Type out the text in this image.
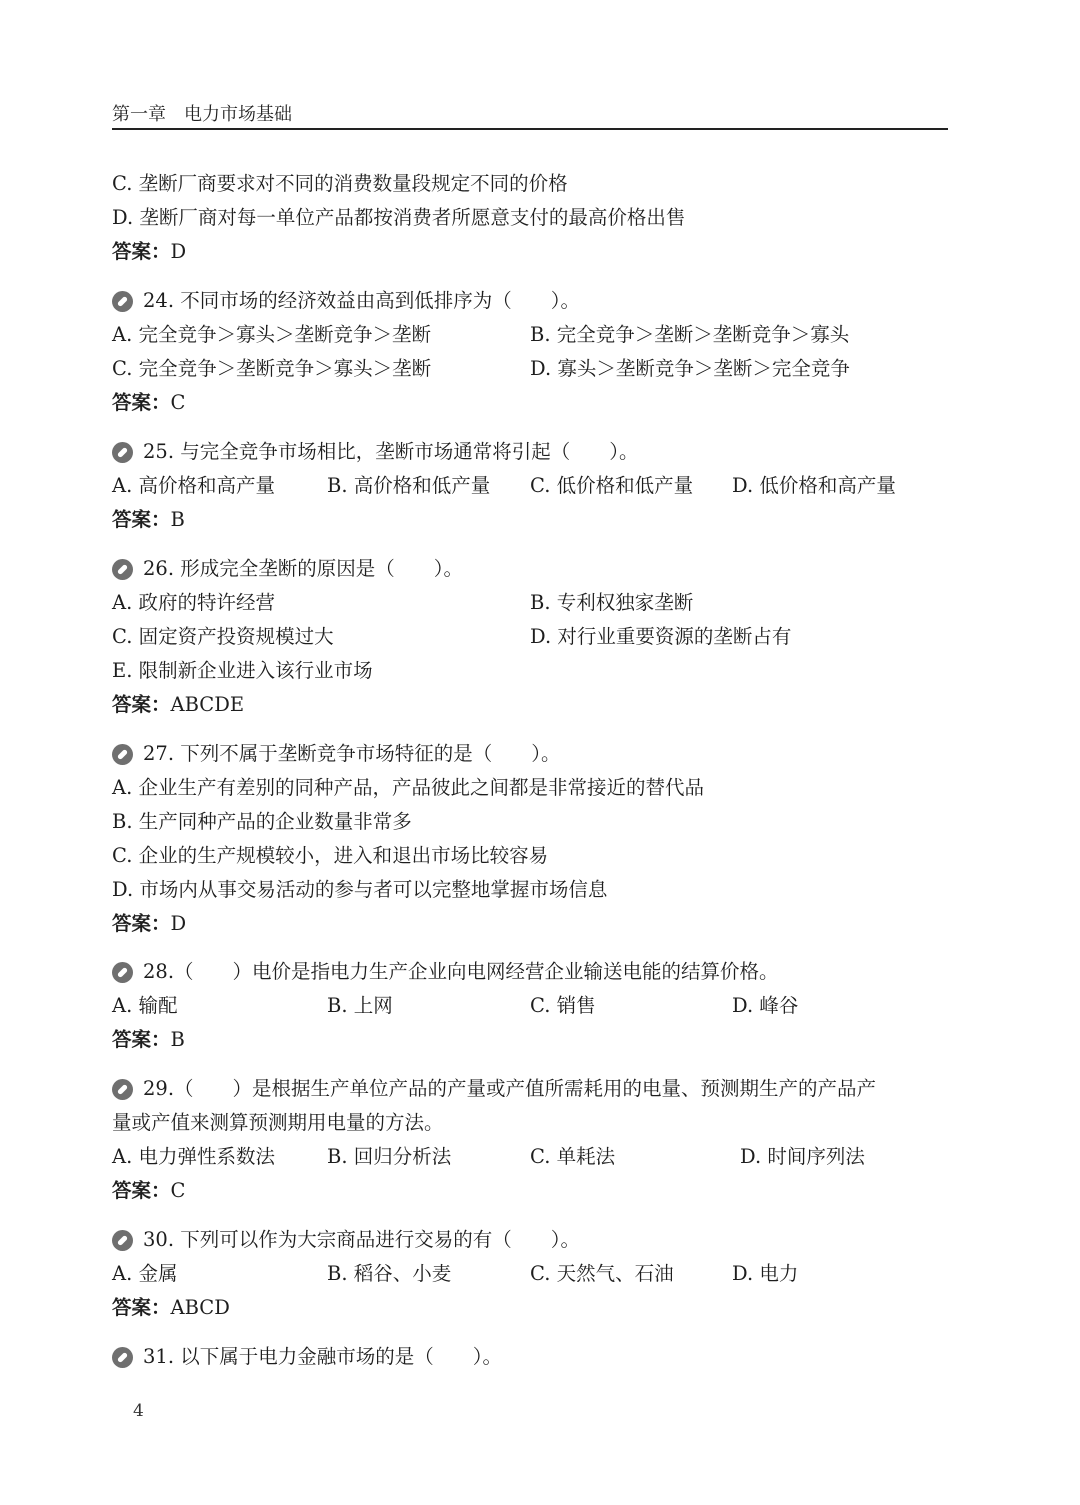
第一章 电力市场基础
C. 垄断厂商要求对不同的消费数量段规定不同的价格
D. 垄断厂商对每一单位产品都按消费者所愿意支付的最高价格出售
答案：D
24. 不同市场的经济效益由高到低排序为（　　）。
A. 完全竞争＞寡头＞垄断竞争＞垄断	B. 完全竞争＞垄断＞垄断竞争＞寡头
C. 完全竞争＞垄断竞争＞寡头＞垄断	D. 寡头＞垄断竞争＞垄断＞完全竞争
答案：C
25. 与完全竞争市场相比，垄断市场通常将引起（　　）。
A. 高价格和高产量	B. 高价格和低产量 C. 低价格和低产量 D. 低价格和高产量
答案：B
26. 形成完全垄断的原因是（　　）。
A. 政府的特许经营	B. 专利权独家垄断
C. 固定资产投资规模过大	D. 对行业重要资源的垄断占有
E. 限制新企业进入该行业市场
答案：ABCDE
27. 下列不属于垄断竞争市场特征的是（　　）。
A. 企业生产有差别的同种产品，产品彼此之间都是非常接近的替代品
B. 生产同种产品的企业数量非常多
C. 企业的生产规模较小，进入和退出市场比较容易
D. 市场内从事交易活动的参与者可以完整地掌握市场信息
答案：D
28.（　　）电价是指电力生产企业向电网经营企业输送电能的结算价格。
A. 输配	B. 上网	C. 销售	D. 峰谷
答案：B
29.（　　）是根据生产单位产品的产量或产值所需耗用的电量、预测期生产的产品产
量或产值来测算预测期用电量的方法。
A. 电力弹性系数法	B. 回归分析法	C. 单耗法	D. 时间序列法
答案：C
30. 下列可以作为大宗商品进行交易的有（　　）。
A. 金属	B. 稻谷、小麦	C. 天然气、石油	D. 电力
答案：ABCD
31. 以下属于电力金融市场的是（　　）。
4
